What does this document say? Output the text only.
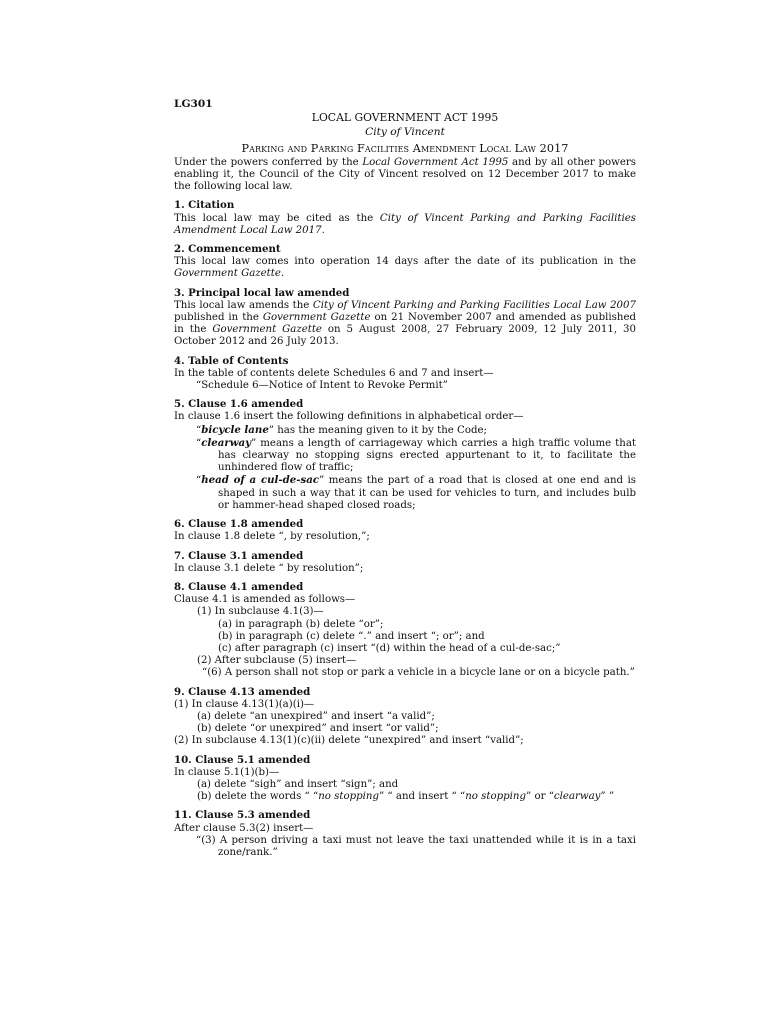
LG301
LOCAL GOVERNMENT ACT 1995
City of Vincent
Parking and Parking Facilities Amendment Local Law 2017

Under the powers conferred by the Local Government Act 1995 and by all other powers enabling it, the Council of the City of Vincent resolved on 12 December 2017 to make the following local law.

1. Citation

This local law may be cited as the City of Vincent Parking and Parking Facilities Amendment Local Law 2017.

2. Commencement

This local law comes into operation 14 days after the date of its publication in the Government Gazette.

3. Principal local law amended

This local law amends the City of Vincent Parking and Parking Facilities Local Law 2007 published in the Government Gazette on 21 November 2007 and amended as published in the Government Gazette on 5 August 2008, 27 February 2009, 12 July 2011, 30 October 2012 and 26 July 2013.

4. Table of Contents

In the table of contents delete Schedules 6 and 7 and insert—

“Schedule 6—Notice of Intent to Revoke Permit”

5. Clause 1.6 amended

In clause 1.6 insert the following definitions in alphabetical order—

“bicycle lane” has the meaning given to it by the Code;

“clearway” means a length of carriageway which carries a high traffic volume that has clearway no stopping signs erected appurtenant to it, to facilitate the unhindered flow of traffic;

“head of a cul-de-sac” means the part of a road that is closed at one end and is shaped in such a way that it can be used for vehicles to turn, and includes bulb or hammer-head shaped closed roads;

6. Clause 1.8 amended

In clause 1.8 delete “, by resolution,”;

7. Clause 3.1 amended

In clause 3.1 delete “ by resolution”;

8. Clause 4.1 amended

Clause 4.1 is amended as follows—

(1) In subclause 4.1(3)—

(a) in paragraph (b) delete “or”;

(b) in paragraph (c) delete “.” and insert “; or”; and

(c) after paragraph (c) insert “(d) within the head of a cul-de-sac;”

(2) After subclause (5) insert—

“(6) A person shall not stop or park a vehicle in a bicycle lane or on a bicycle path.”

9. Clause 4.13 amended

(1) In clause 4.13(1)(a)(i)—

(a) delete “an unexpired” and insert “a valid”;

(b) delete “or unexpired” and insert “or valid”;

(2) In subclause 4.13(1)(c)(ii) delete “unexpired” and insert “valid”;

10. Clause 5.1 amended

In clause 5.1(1)(b)—

(a) delete “sigh” and insert “sign”; and

(b) delete the words “ “no stopping” “ and insert “ “no stopping” or “clearway” ”

11. Clause 5.3 amended

After clause 5.3(2) insert—

“(3) A person driving a taxi must not leave the taxi unattended while it is in a taxi zone/rank.”
